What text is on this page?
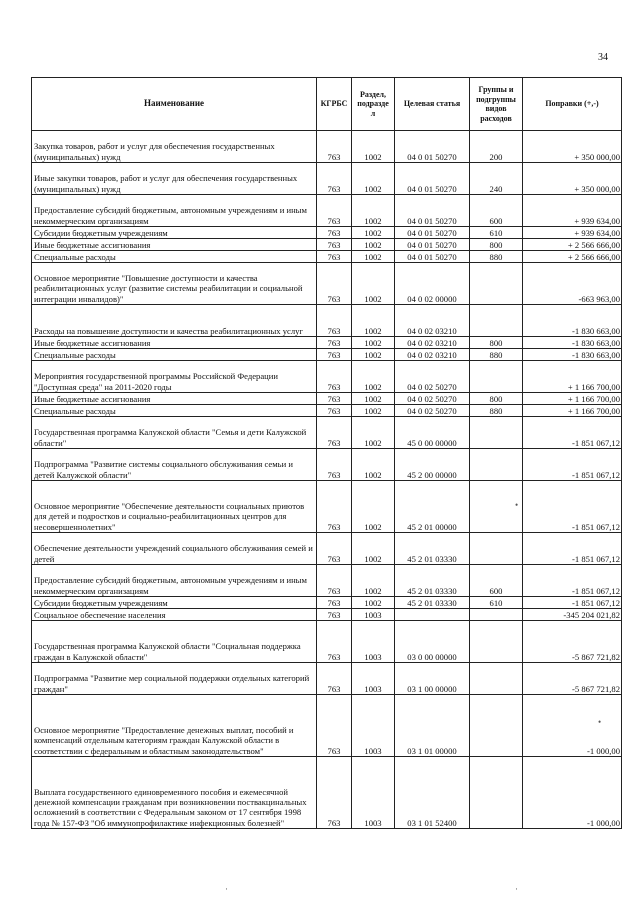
34
Наименование	КГРБС	Раздел, подразде л	Целевая статья	Группы и подгруппы видов расходов	Поправки (+,-)
Закупка товаров, работ и услуг для обеспечения государственных (муниципальных) нужд	763	1002	04 0 01 50270	200	+ 350 000,00
Иные закупки товаров, работ и услуг для обеспечения государственных (муниципальных) нужд	763	1002	04 0 01 50270	240	+ 350 000,00
Предоставление субсидий бюджетным, автономным учреждениям и иным некоммерческим организациям	763	1002	04 0 01 50270	600	+ 939 634,00
Субсидии бюджетным учреждениям	763	1002	04 0 01 50270	610	+ 939 634,00
Иные бюджетные ассигнования	763	1002	04 0 01 50270	800	+ 2 566 666,00
Специальные расходы	763	1002	04 0 01 50270	880	+ 2 566 666,00
Основное мероприятие "Повышение доступности и качества реабилитационных услуг (развитие системы реабилитации и социальной интеграции инвалидов)"	763	1002	04 0 02 00000		-663 963,00
Расходы на повышение доступности и качества реабилитационных услуг	763	1002	04 0 02 03210		-1 830 663,00
Иные бюджетные ассигнования	763	1002	04 0 02 03210	800	-1 830 663,00
Специальные расходы	763	1002	04 0 02 03210	880	-1 830 663,00
Мероприятия государственной программы Российской Федерации "Доступная среда" на 2011-2020 годы	763	1002	04 0 02 50270		+ 1 166 700,00
Иные бюджетные ассигнования	763	1002	04 0 02 50270	800	+ 1 166 700,00
Специальные расходы	763	1002	04 0 02 50270	880	+ 1 166 700,00
Государственная программа Калужской области "Семья и дети Калужской области"	763	1002	45 0 00 00000		-1 851 067,12
Подпрограмма "Развитие системы социального обслуживания семьи и детей Калужской области"	763	1002	45 2 00 00000		-1 851 067,12
Основное мероприятие "Обеспечение деятельности социальных приютов для детей и подростков и социально-реабилитационных центров для несовершеннолетних"	763	1002	45 2 01 00000		-1 851 067,12
Обеспечение деятельности учреждений социального обслуживания семей и детей	763	1002	45 2 01 03330		-1 851 067,12
Предоставление субсидий бюджетным, автономным учреждениям и иным некоммерческим организациям	763	1002	45 2 01 03330	600	-1 851 067,12
Субсидии бюджетным учреждениям	763	1002	45 2 01 03330	610	-1 851 067,12
Социальное обеспечение населения	763	1003			-345 204 021,82
Государственная программа Калужской области "Социальная поддержка граждан в Калужской области"	763	1003	03 0 00 00000		-5 867 721,82
Подпрограмма "Развитие мер социальной поддержки отдельных категорий граждан"	763	1003	03 1 00 00000		-5 867 721,82
Основное мероприятие "Предоставление денежных выплат, пособий и компенсаций отдельным категориям граждан Калужской области в соответствии с федеральным и областным законодательством"	763	1003	03 1 01 00000		-1 000,00
Выплата государственного единовременного пособия и ежемесячной денежной компенсации гражданам при возникновении поствакцинальных осложнений в соответствии с Федеральным законом от 17 сентября 1998 года № 157-ФЗ "Об иммунопрофилактике инфекционных болезней"	763	1003	03 1 01 52400		-1 000,00
•
•
·	·
